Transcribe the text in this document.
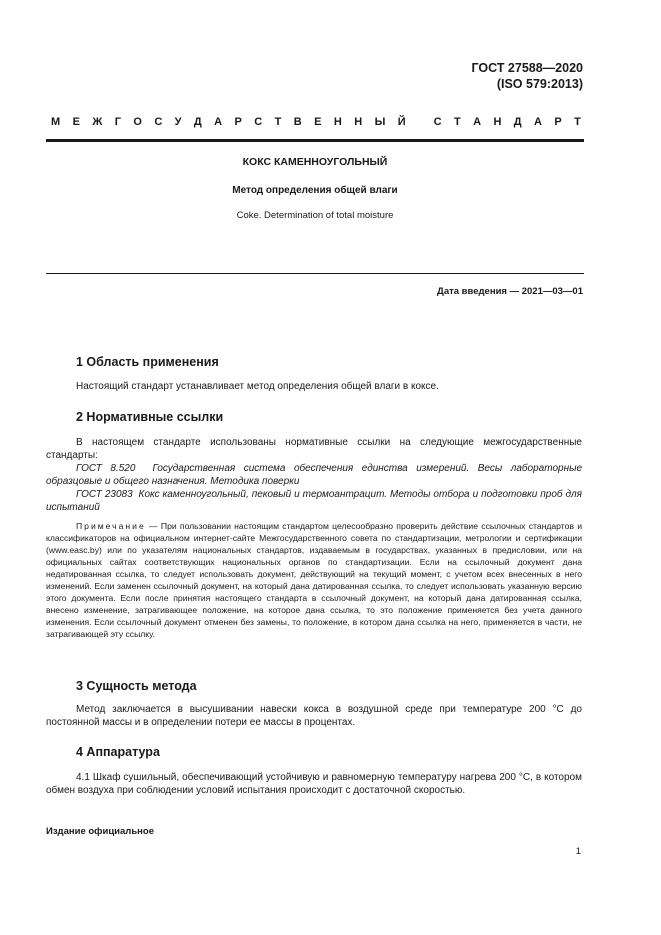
ГОСТ 27588—2020
(ISO 579:2013)
М Е Ж Г О С У Д А Р С Т В Е Н Н Ы Й
	С Т А Н Д А Р Т
КОКС КАМЕННОУГОЛЬНЫЙ
Метод определения общей влаги
Coke. Determination of total moisture
Дата введения — 2021—03—01
1 Область применения
Настоящий стандарт устанавливает метод определения общей влаги в коксе.
2 Нормативные ссылки
В настоящем стандарте использованы нормативные ссылки на следующие межгосударственные стандарты:
ГОСТ 8.520 Государственная система обеспечения единства измерений. Весы лабораторные образцовые и общего назначения. Методика поверки
ГОСТ 23083 Кокс каменноугольный, пековый и термоантрацит. Методы отбора и подготовки проб для испытаний
Примечание — При пользовании настоящим стандартом целесообразно проверить действие ссылочных стандартов и классификаторов на официальном интернет-сайте Межгосударственного совета по стандартизации, метрологии и сертификации (www.easc.by) или по указателям национальных стандартов, издаваемым в государствах, указанных в предисловии, или на официальных сайтах соответствующих национальных органов по стандартизации. Если на ссылочный документ дана недатированная ссылка, то следует использовать документ, действующий на текущий момент, с учетом всех внесенных в него изменений. Если заменен ссылочный документ, на который дана датированная ссылка, то следует использовать указанную версию этого документа. Если после принятия настоящего стандарта в ссылочный документ, на который дана датированная ссылка, внесено изменение, затрагивающее положение, на которое дана ссылка, то это положение применяется без учета данного изменения. Если ссылочный документ отменен без замены, то положение, в котором дана ссылка на него, применяется в части, не затрагивающей эту ссылку.
3 Сущность метода
Метод заключается в высушивании навески кокса в воздушной среде при температуре 200 °С до постоянной массы и в определении потери ее массы в процентах.
4 Аппаратура
4.1 Шкаф сушильный, обеспечивающий устойчивую и равномерную температуру нагрева 200 °С, в котором обмен воздуха при соблюдении условий испытания происходит с достаточной скоростью.
Издание официальное
1
